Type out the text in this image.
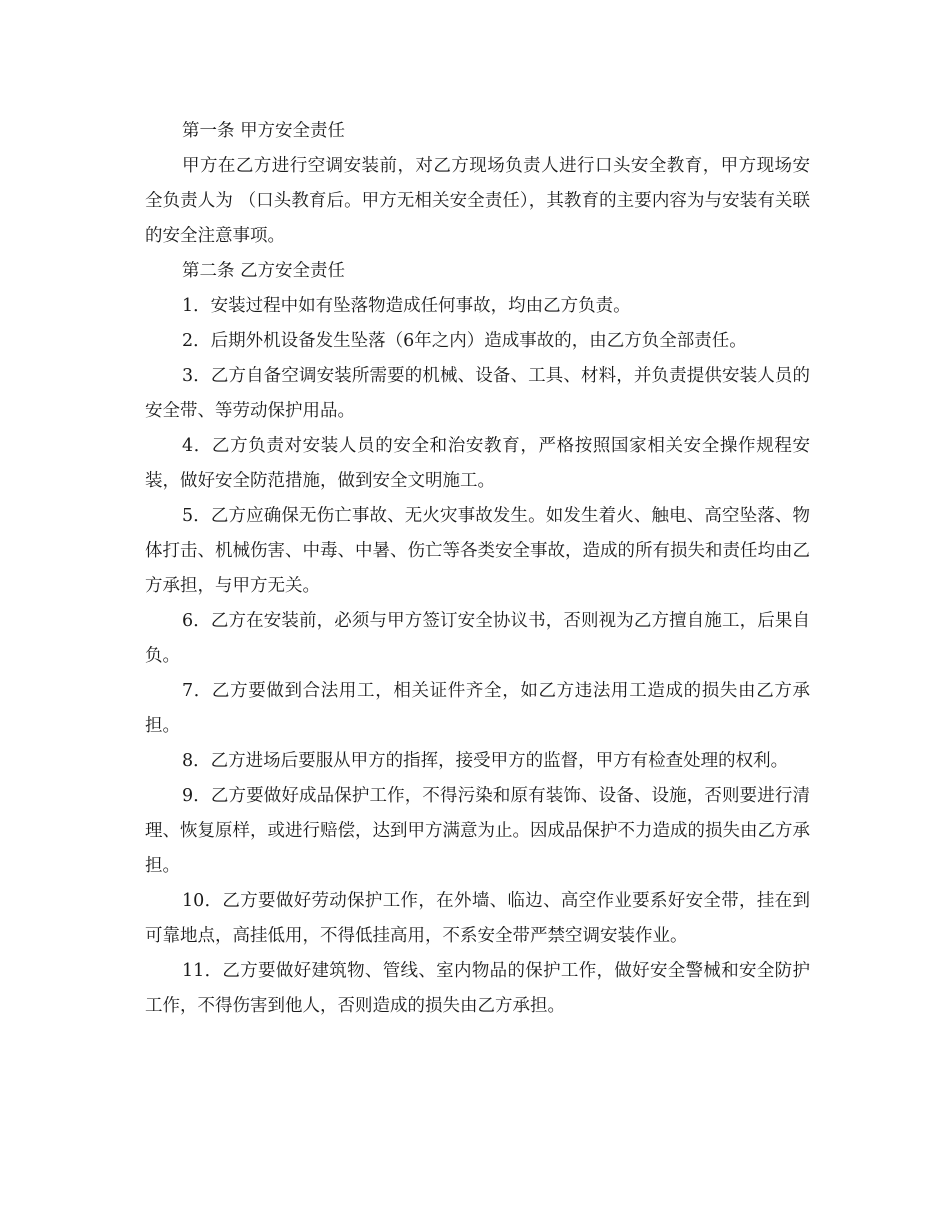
第一条 甲方安全责任

甲方在乙方进行空调安装前，对乙方现场负责人进行口头安全教育，甲方现场安全负责人为 （口头教育后。甲方无相关安全责任），其教育的主要内容为与安装有关联的安全注意事项。

第二条 乙方安全责任

1．安装过程中如有坠落物造成任何事故，均由乙方负责。

2．后期外机设备发生坠落（6年之内）造成事故的，由乙方负全部责任。

3．乙方自备空调安装所需要的机械、设备、工具、材料，并负责提供安装人员的安全带、等劳动保护用品。

4．乙方负责对安装人员的安全和治安教育，严格按照国家相关安全操作规程安装，做好安全防范措施，做到安全文明施工。

5．乙方应确保无伤亡事故、无火灾事故发生。如发生着火、触电、高空坠落、物体打击、机械伤害、中毒、中暑、伤亡等各类安全事故，造成的所有损失和责任均由乙方承担，与甲方无关。

6．乙方在安装前，必须与甲方签订安全协议书，否则视为乙方擅自施工，后果自负。

7．乙方要做到合法用工，相关证件齐全，如乙方违法用工造成的损失由乙方承担。

8．乙方进场后要服从甲方的指挥，接受甲方的监督，甲方有检查处理的权利。

9．乙方要做好成品保护工作，不得污染和原有装饰、设备、设施，否则要进行清理、恢复原样，或进行赔偿，达到甲方满意为止。因成品保护不力造成的损失由乙方承担。

10．乙方要做好劳动保护工作，在外墙、临边、高空作业要系好安全带，挂在到可靠地点，高挂低用，不得低挂高用，不系安全带严禁空调安装作业。

11．乙方要做好建筑物、管线、室内物品的保护工作，做好安全警械和安全防护工作，不得伤害到他人，否则造成的损失由乙方承担。
